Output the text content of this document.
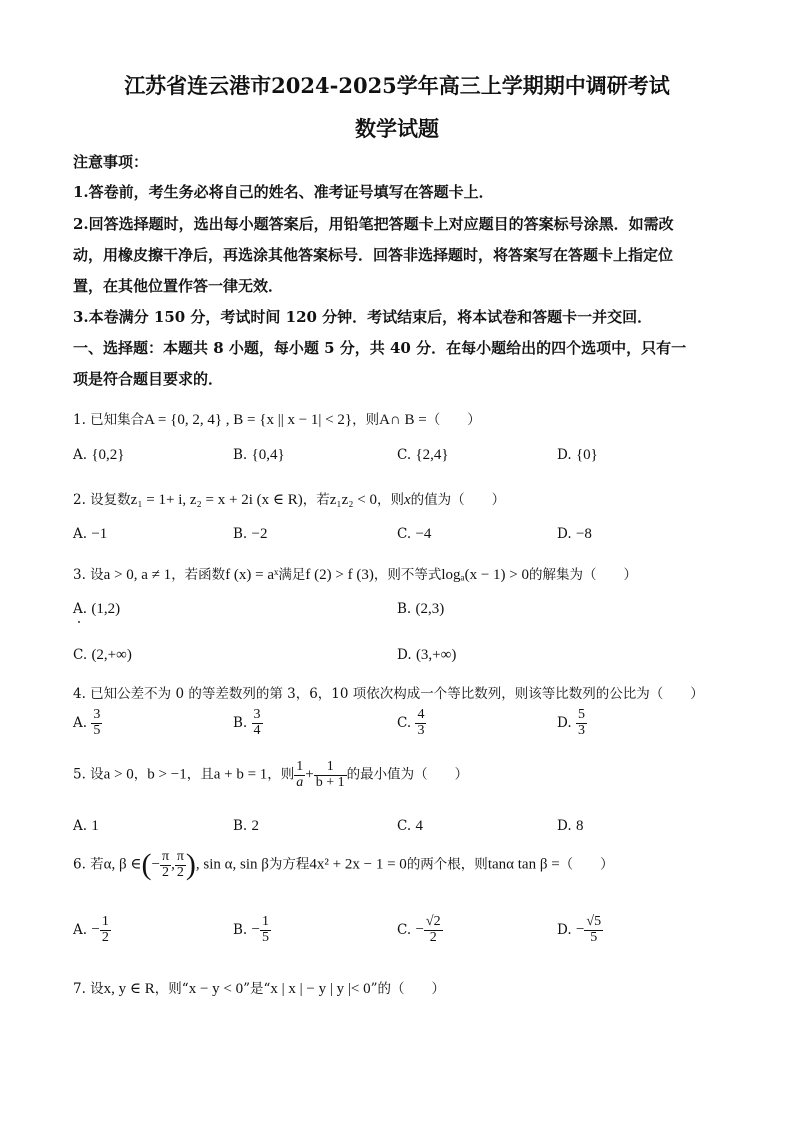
江苏省连云港市2024-2025学年高三上学期期中调研考试
数学试题
注意事项：
1.答卷前，考生务必将自己的姓名、准考证号填写在答题卡上．
2.回答选择题时，选出每小题答案后，用铅笔把答题卡上对应题目的答案标号涂黑．如需改
动，用橡皮擦干净后，再选涂其他答案标号．回答非选择题时，将答案写在答题卡上指定位
置，在其他位置作答一律无效．
3.本卷满分 150 分，考试时间 120 分钟．考试结束后，将本试卷和答题卡一并交回．
一、选择题：本题共 8 小题，每小题 5 分，共 40 分．在每小题给出的四个选项中，只有一
项是符合题目要求的．
1. 已知集合A = {0, 2, 4} , B = {x || x − 1| < 2}，则A∩ B =（　　）
A. {0,2}	B. {0,4}	C. {2,4}	D. {0}
2. 设复数z₁ = 1+ i, z₂ = x + 2i (x ∈ R)，若z₁z₂ < 0，则x的值为（　　）
A. −1	B. −2	C. −4	D. −8
3. 设a > 0, a ≠ 1，若函数f (x) = aˣ满足f (2) > f (3)，则不等式logₐ(x − 1) > 0的解集为（　　）
A. (1,2)	B. (2,3)
C. (2,+∞)	D. (3,+∞)
4. 已知公差不为 0 的等差数列的第 3，6，10 项依次构成一个等比数列，则该等比数列的公比为（　　）
A. $\frac{3}{5}$	B. $\frac{3}{4}$	C. $\frac{4}{3}$	D. $\frac{5}{3}$
5. 设a > 0，b > −1，且a + b = 1，则 $\frac{1}{a} + \frac{1}{b + 1}$ 的最小值为（　　）
A. 1	B. 2	C. 4	D. 8
6. 若α, β ∈(− $\frac{\pi}{2}$ , $\frac{\pi}{2}$ ), sin α, sin β为方程4x² + 2x − 1 = 0的两个根，则tanα tan β =（　　）
A. − $\frac{1}{2}$	B. − $\frac{1}{5}$	C. − $\frac{√2}{2}$	D. − $\frac{√5}{5}$
7. 设x, y ∈ R，则“x − y < 0”是“x | x | − y | y |< 0”的（　　）
